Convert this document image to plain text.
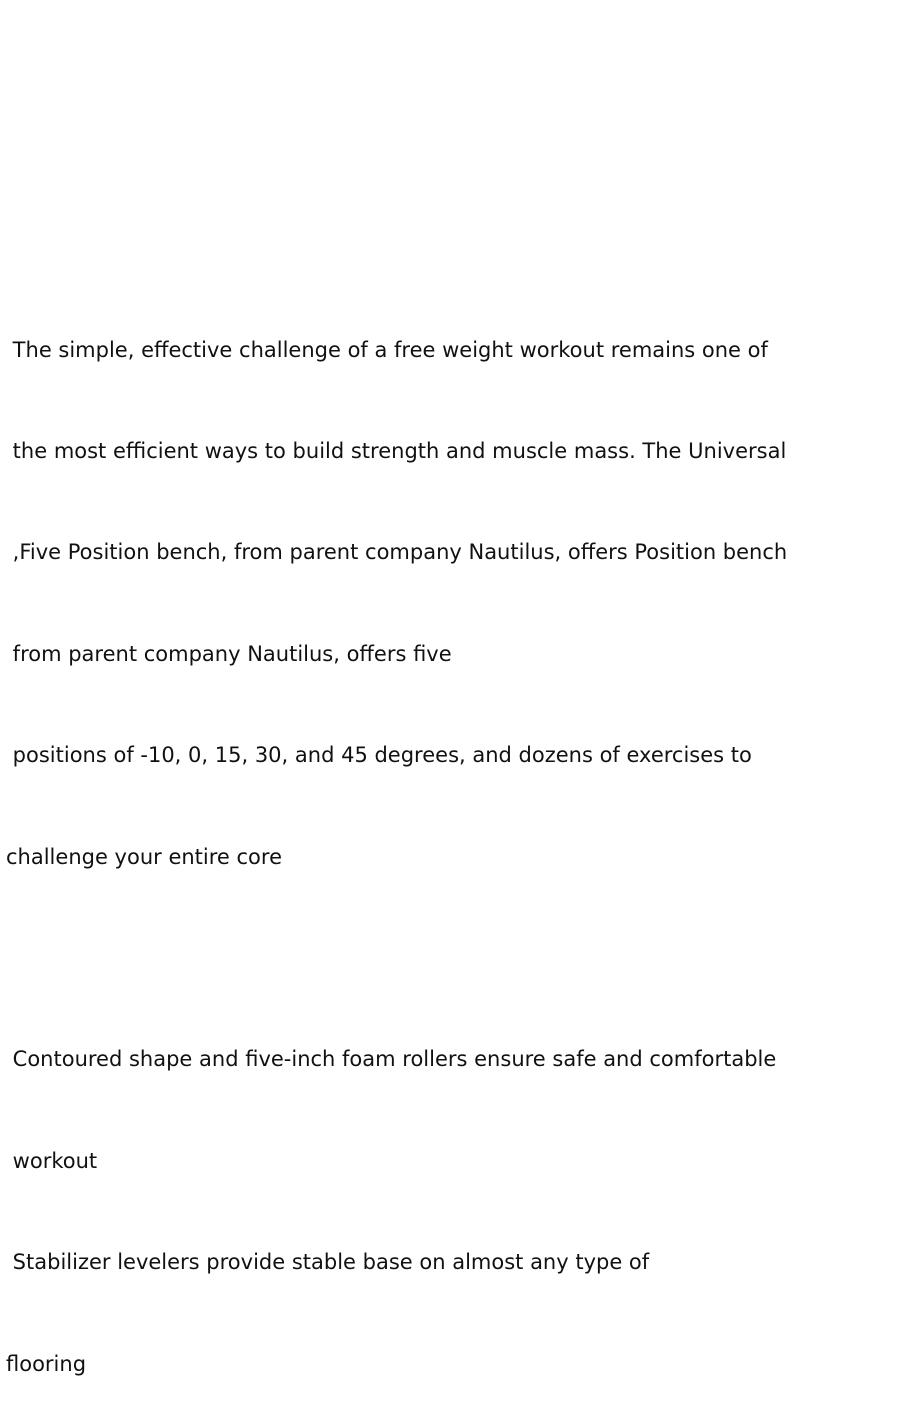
The simple, effective challenge of a free weight workout remains one of

the most efficient ways to build strength and muscle mass. The Universal

,Five Position bench, from parent company Nautilus, offers Position bench

from parent company Nautilus, offers five

positions of -10, 0, 15, 30, and 45 degrees, and dozens of exercises to

challenge your entire core

Contoured shape and five-inch foam rollers ensure safe and comfortable

workout

Stabilizer levelers provide stable base on almost any type of

flooring
